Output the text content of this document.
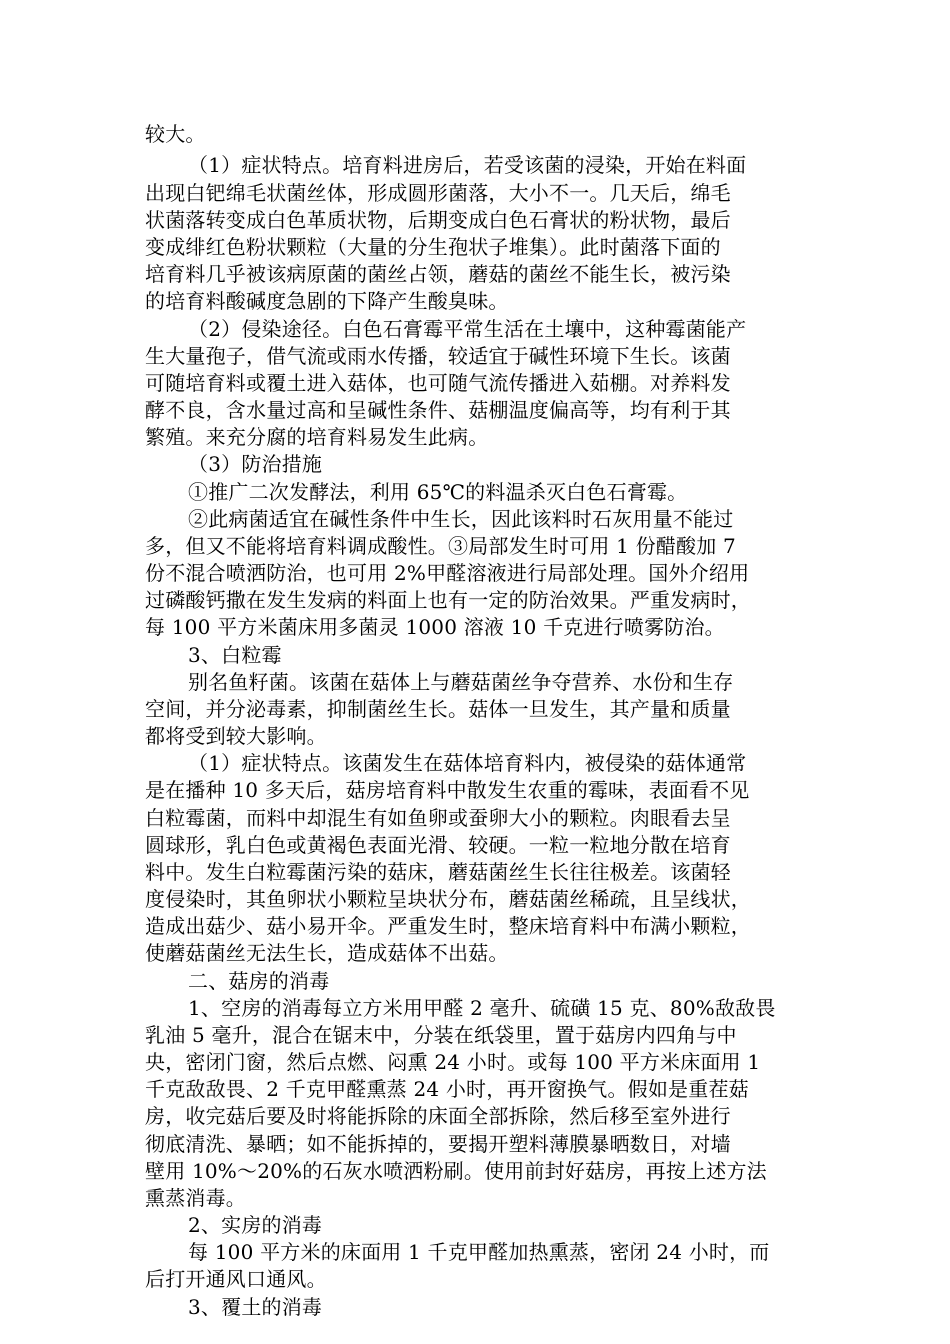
较大。
（1）症状特点。培育料进房后，若受该菌的浸染，开始在料面
出现白钯绵毛状菌丝体，形成圆形菌落，大小不一。几天后，绵毛
状菌落转变成白色革质状物，后期变成白色石膏状的粉状物，最后
变成绯红色粉状颗粒（大量的分生孢状子堆集）。此时菌落下面的
培育料几乎被该病原菌的菌丝占领，蘑菇的菌丝不能生长，被污染
的培育料酸碱度急剧的下降产生酸臭味。
（2）侵染途径。白色石膏霉平常生活在土壤中，这种霉菌能产
生大量孢子，借气流或雨水传播，较适宜于碱性环境下生长。该菌
可随培育料或覆土进入菇体，也可随气流传播进入茹棚。对养料发
酵不良，含水量过高和呈碱性条件、菇棚温度偏高等，均有利于其
繁殖。来充分腐的培育料易发生此病。
（3）防治措施
①推广二次发酵法，利用 65℃的料温杀灭白色石膏霉。
②此病菌适宜在碱性条件中生长，因此该料时石灰用量不能过
多，但又不能将培育料调成酸性。③局部发生时可用 1 份醋酸加 7
份不混合喷洒防治，也可用 2%甲醛溶液进行局部处理。国外介绍用
过磷酸钙撒在发生发病的料面上也有一定的防治效果。严重发病时，
每 100 平方米菌床用多菌灵 1000 溶液 10 千克进行喷雾防治。
3、白粒霉
别名鱼籽菌。该菌在菇体上与蘑菇菌丝争夺营养、水份和生存
空间，并分泌毒素，抑制菌丝生长。菇体一旦发生，其产量和质量
都将受到较大影响。
（1）症状特点。该菌发生在菇体培育料内，被侵染的菇体通常
是在播种 10 多天后，菇房培育料中散发生农重的霉味，表面看不见
白粒霉菌，而料中却混生有如鱼卵或蚕卵大小的颗粒。肉眼看去呈
圆球形，乳白色或黄褐色表面光滑、较硬。一粒一粒地分散在培育
料中。发生白粒霉菌污染的菇床，蘑菇菌丝生长往往极差。该菌轻
度侵染时，其鱼卵状小颗粒呈块状分布，蘑菇菌丝稀疏，且呈线状，
造成出菇少、菇小易开伞。严重发生时，整床培育料中布满小颗粒，
使蘑菇菌丝无法生长，造成菇体不出菇。
二、菇房的消毒
1、空房的消毒每立方米用甲醛 2 毫升、硫磺 15 克、80%敌敌畏
乳油 5 毫升，混合在锯末中，分装在纸袋里，置于菇房内四角与中
央，密闭门窗，然后点燃、闷熏 24 小时。或每 100 平方米床面用 1
千克敌敌畏、2 千克甲醛熏蒸 24 小时，再开窗换气。假如是重茬菇
房，收完菇后要及时将能拆除的床面全部拆除，然后移至室外进行
彻底清洗、暴晒；如不能拆掉的，要揭开塑料薄膜暴晒数日，对墙
壁用 10%～20%的石灰水喷洒粉刷。使用前封好菇房，再按上述方法
熏蒸消毒。
2、实房的消毒
每 100 平方米的床面用 1 千克甲醛加热熏蒸，密闭 24 小时，而
后打开通风口通风。
3、覆土的消毒
